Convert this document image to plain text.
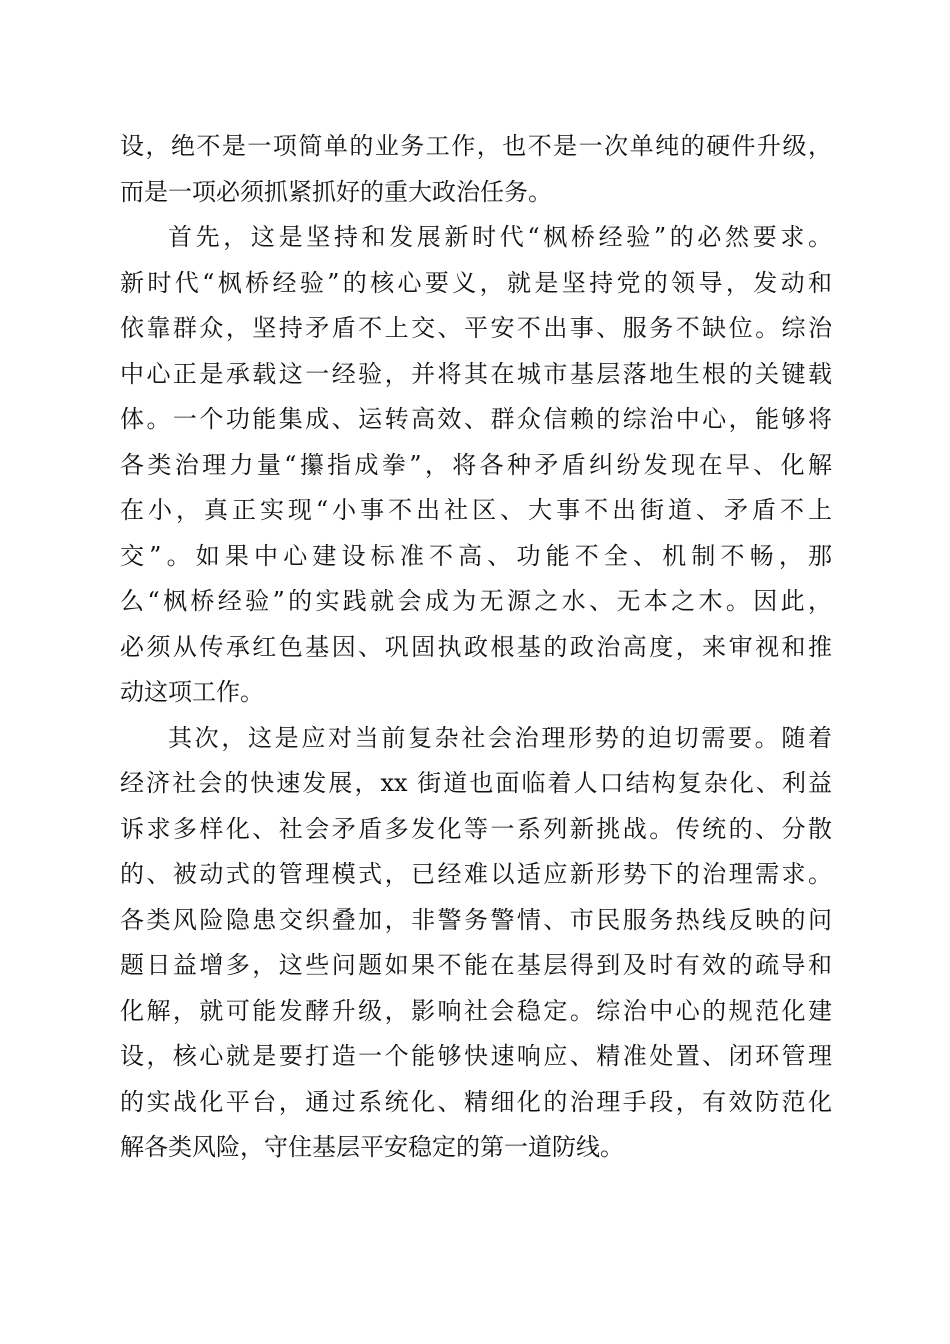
设，绝不是一项简单的业务工作，也不是一次单纯的硬件升级，
而是一项必须抓紧抓好的重大政治任务。
首先，这是坚持和发展新时代“枫桥经验”的必然要求。
新时代“枫桥经验”的核心要义，就是坚持党的领导，发动和
依靠群众，坚持矛盾不上交、平安不出事、服务不缺位。综治
中心正是承载这一经验，并将其在城市基层落地生根的关键载
体。一个功能集成、运转高效、群众信赖的综治中心，能够将
各类治理力量“攥指成拳”，将各种矛盾纠纷发现在早、化解
在小，真正实现“小事不出社区、大事不出街道、矛盾不上
交”。如果中心建设标准不高、功能不全、机制不畅，那
么“枫桥经验”的实践就会成为无源之水、无本之木。因此，
必须从传承红色基因、巩固执政根基的政治高度，来审视和推
动这项工作。
其次，这是应对当前复杂社会治理形势的迫切需要。随着
经济社会的快速发展，xx 街道也面临着人口结构复杂化、利益
诉求多样化、社会矛盾多发化等一系列新挑战。传统的、分散
的、被动式的管理模式，已经难以适应新形势下的治理需求。
各类风险隐患交织叠加，非警务警情、市民服务热线反映的问
题日益增多，这些问题如果不能在基层得到及时有效的疏导和
化解，就可能发酵升级，影响社会稳定。综治中心的规范化建
设，核心就是要打造一个能够快速响应、精准处置、闭环管理
的实战化平台，通过系统化、精细化的治理手段，有效防范化
解各类风险，守住基层平安稳定的第一道防线。
